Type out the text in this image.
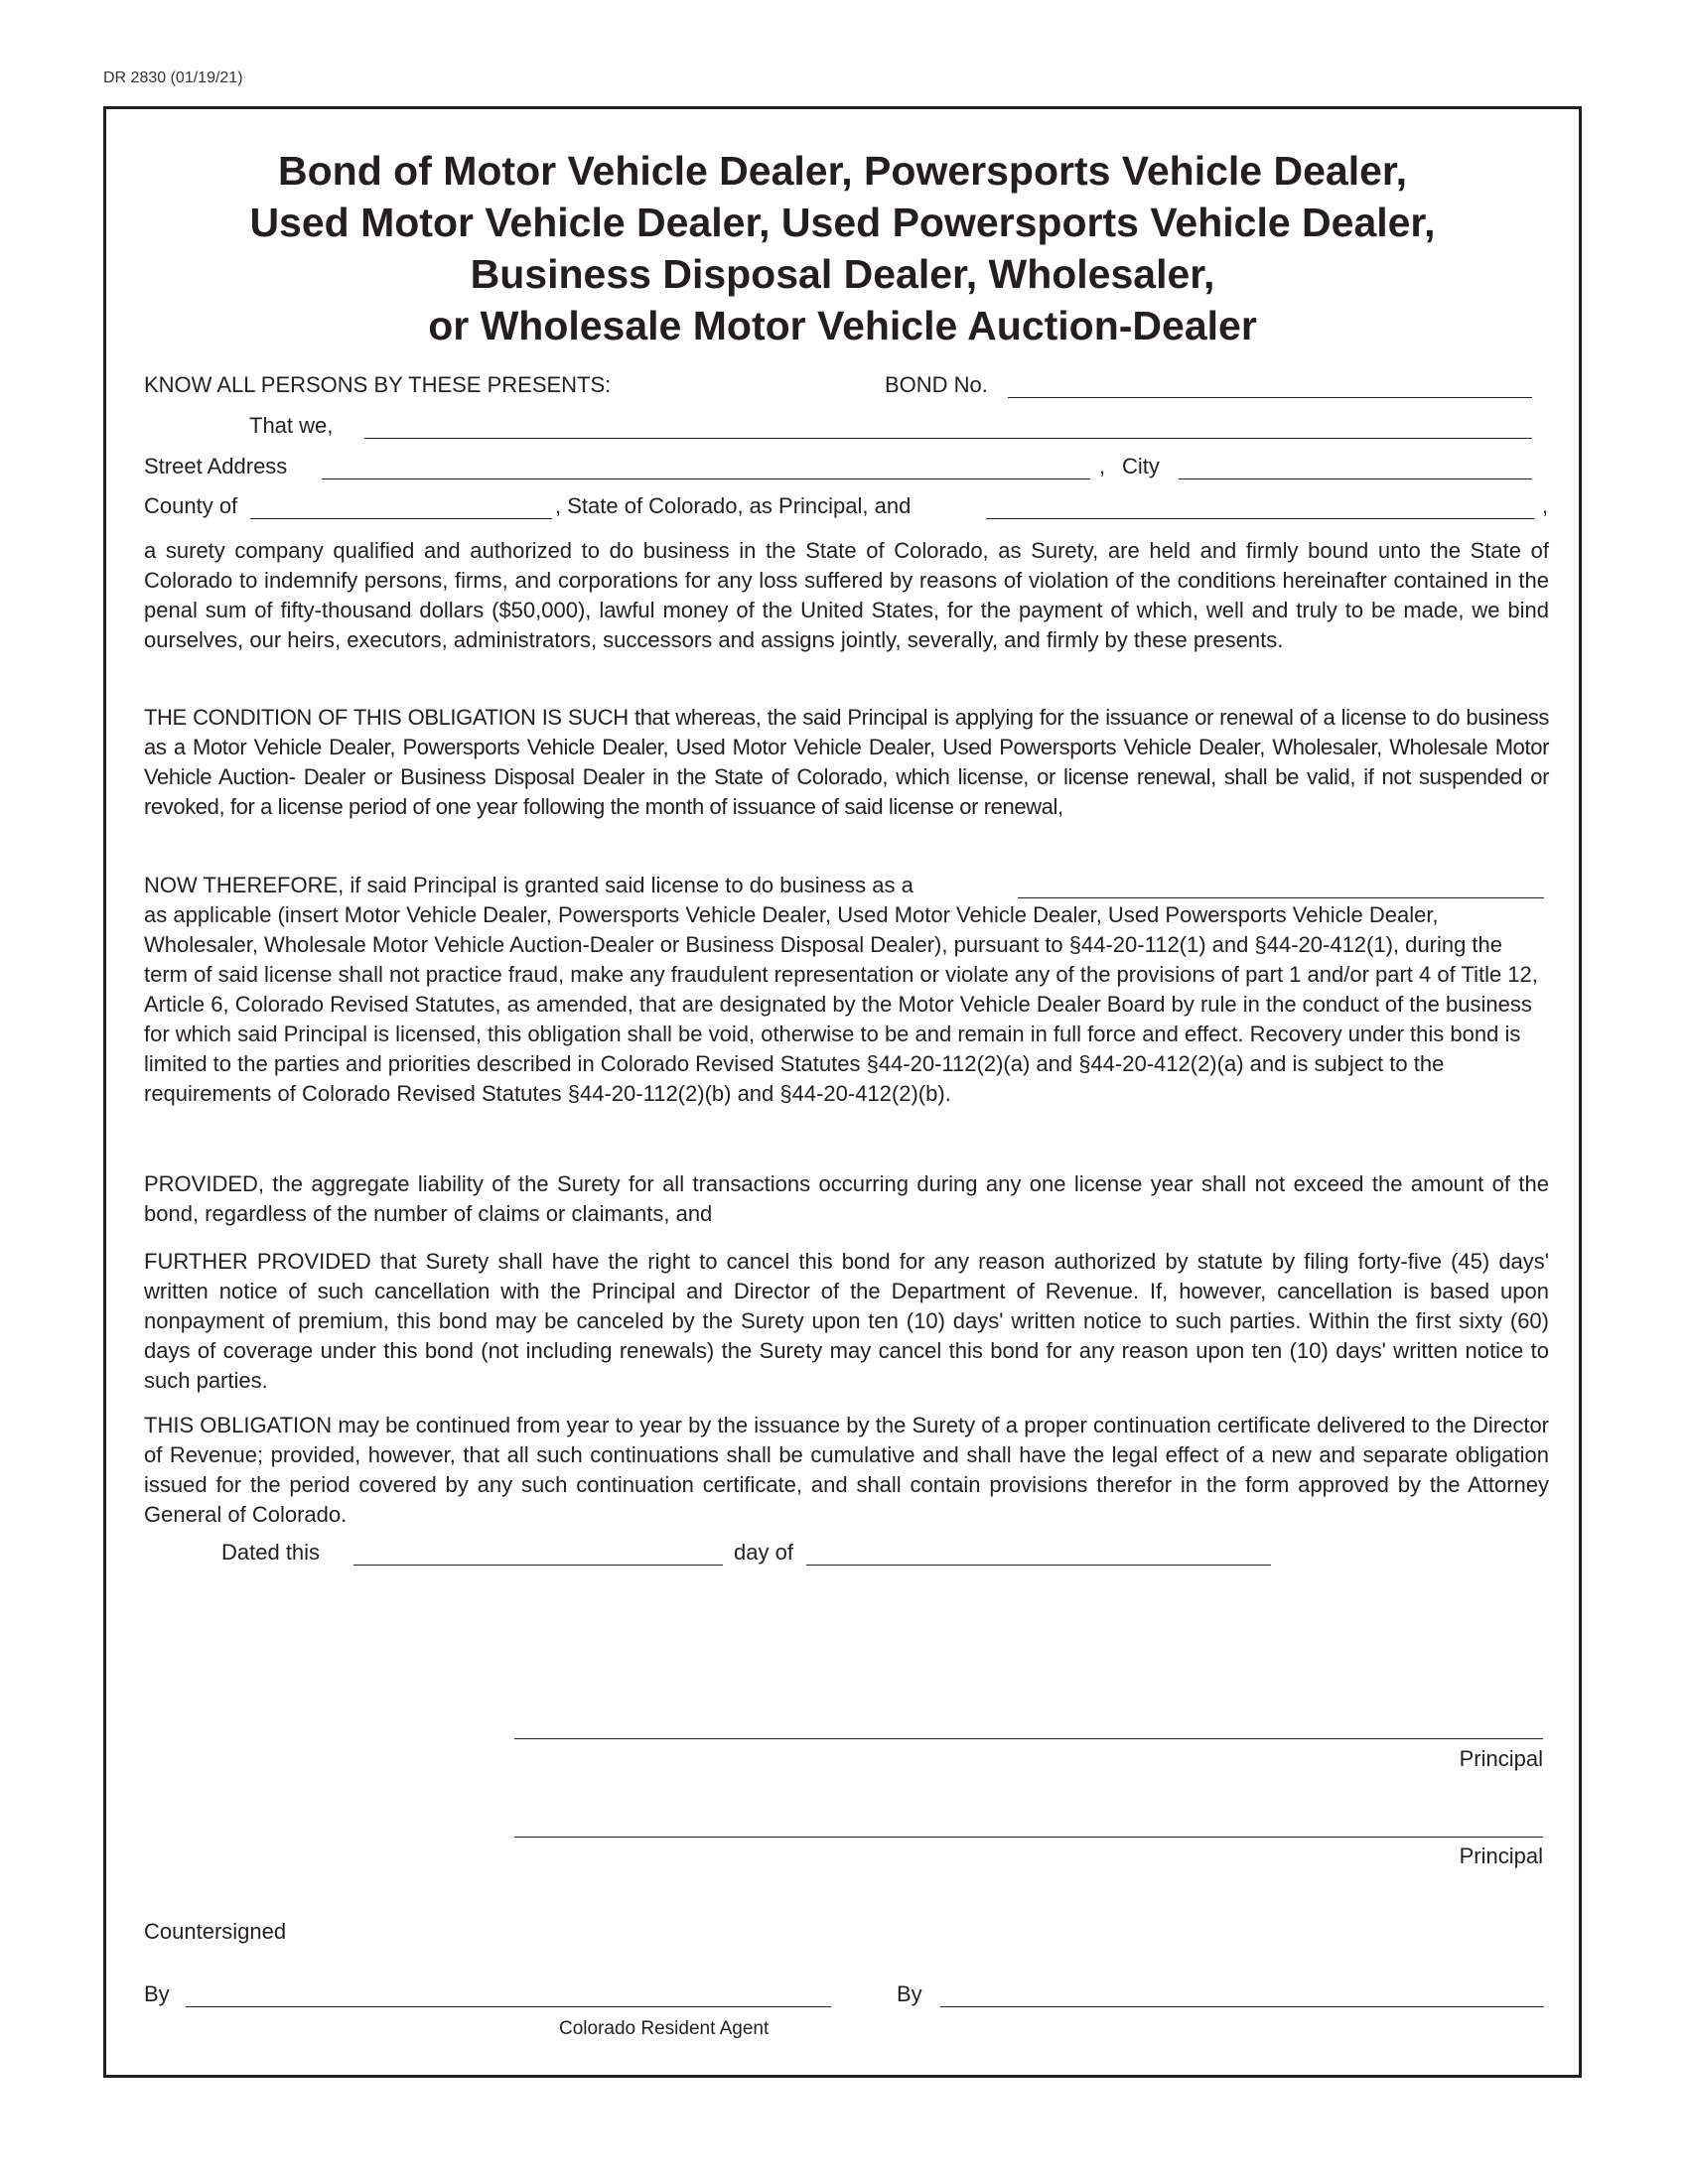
DR 2830 (01/19/21)
Bond of Motor Vehicle Dealer, Powersports Vehicle Dealer,
Used Motor Vehicle Dealer, Used Powersports Vehicle Dealer,
Business Disposal Dealer, Wholesaler,
or Wholesale Motor Vehicle Auction-Dealer
KNOW ALL PERSONS BY THESE PRESENTS:	BOND No.
That we,
Street Address	, City
County of	, State of Colorado, as Principal, and	,

a surety company qualified and authorized to do business in the State of Colorado, as Surety, are held and firmly bound unto the State of Colorado to indemnify persons, firms, and corporations for any loss suffered by reasons of violation of the conditions hereinafter contained in the penal sum of fifty-thousand dollars ($50,000), lawful money of the United States, for the payment of which, well and truly to be made, we bind ourselves, our heirs, executors, administrators, successors and assigns jointly, severally, and firmly by these presents.

THE CONDITION OF THIS OBLIGATION IS SUCH that whereas, the said Principal is applying for the issuance or renewal of a license to do business as a Motor Vehicle Dealer, Powersports Vehicle Dealer, Used Motor Vehicle Dealer, Used Powersports Vehicle Dealer, Wholesaler, Wholesale Motor Vehicle Auction- Dealer or Business Disposal Dealer in the State of Colorado, which license, or license renewal, shall be valid, if not suspended or revoked, for a license period of one year following the month of issuance of said license or renewal,

NOW THEREFORE, if said Principal is granted said license to do business as a

as applicable (insert Motor Vehicle Dealer, Powersports Vehicle Dealer, Used Motor Vehicle Dealer, Used Powersports Vehicle Dealer, Wholesaler, Wholesale Motor Vehicle Auction-Dealer or Business Disposal Dealer), pursuant to §44-20-112(1) and §44-20-412(1), during the term of said license shall not practice fraud, make any fraudulent representation or violate any of the provisions of part 1 and/or part 4 of Title 12, Article 6, Colorado Revised Statutes, as amended, that are designated by the Motor Vehicle Dealer Board by rule in the conduct of the business for which said Principal is licensed, this obligation shall be void, otherwise to be and remain in full force and effect. Recovery under this bond is limited to the parties and priorities described in Colorado Revised Statutes §44-20-112(2)(a) and §44-20-412(2)(a) and is subject to the requirements of Colorado Revised Statutes §44-20-112(2)(b) and §44-20-412(2)(b).

PROVIDED, the aggregate liability of the Surety for all transactions occurring during any one license year shall not exceed the amount of the bond, regardless of the number of claims or claimants, and

FURTHER PROVIDED that Surety shall have the right to cancel this bond for any reason authorized by statute by filing forty-five (45) days' written notice of such cancellation with the Principal and Director of the Department of Revenue. If, however, cancellation is based upon nonpayment of premium, this bond may be canceled by the Surety upon ten (10) days' written notice to such parties. Within the first sixty (60) days of coverage under this bond (not including renewals) the Surety may cancel this bond for any reason upon ten (10) days' written notice to such parties.

THIS OBLIGATION may be continued from year to year by the issuance by the Surety of a proper continuation certificate delivered to the Director of Revenue; provided, however, that all such continuations shall be cumulative and shall have the legal effect of a new and separate obligation issued for the period covered by any such continuation certificate, and shall contain provisions therefor in the form approved by the Attorney General of Colorado.

Dated this	day of
Principal
Principal
Countersigned
By
Colorado Resident Agent
By
